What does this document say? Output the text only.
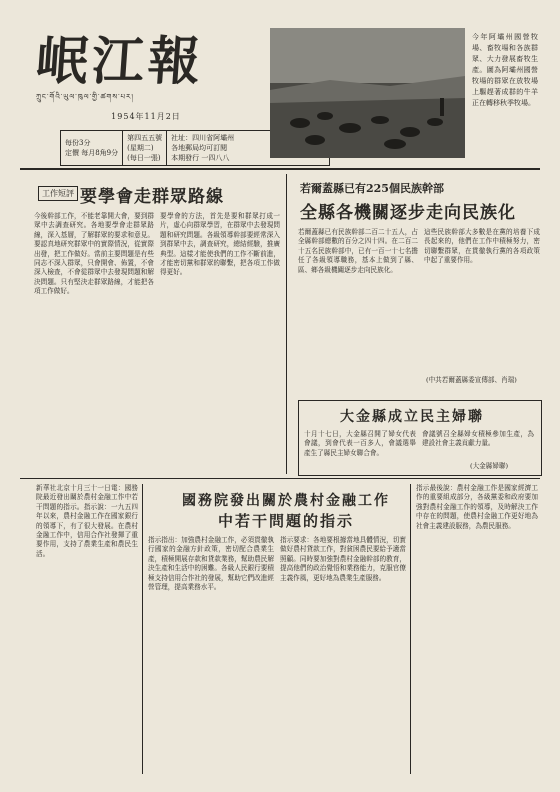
岷江報
ཀྲུང་གོའི་ཡུལ་ཁུལ་གྱི་ཚགས་པར།
1954年11月2日
每份3分
定價 每月8角9分
第四五五號
(星期二)
(每日一張)
社址：四川省阿壩州
各地郵局均可訂閱
本期發行 一四八八
今年阿壩州國營牧場、畜牧場和各族群眾、大力發展畜牧生產。圖為阿壩州國營牧場的群眾在放牧場上驅趕著成群的牛羊正在轉移秋季牧場。
工作短評 要學會走群眾路線
今後幹部工作，不能老靠開大會，要到群眾中去調查研究。各地要學會走群眾路線，深入基層，了解群眾的要求和意見。要認真地研究群眾中的實際情況，從實際出發，把工作做好。當前主要問題是有些同志不深入群眾，只會開會、佈置，不會深入檢查，不會從群眾中去發現問題和解決問題。只有堅決走群眾路線，才能把各項工作做好。
要學會的方法，首先是要和群眾打成一片，虛心向群眾學習，在群眾中去發現問題和研究問題。各級領導幹部要經常深入到群眾中去，調查研究，總結經驗，推廣典型。這樣才能使我們的工作不斷前進，才能密切黨和群眾的聯繫，把各項工作做得更好。
若爾蓋縣已有225個民族幹部
全縣各機關逐步走向民族化
若爾蓋縣已有民族幹部二百二十五人，占全縣幹部總數的百分之四十四。在二百二十五名民族幹部中，已有一百一十七名擔任了各級領導職務，基本上做到了縣、區、鄉各級機關逐步走向民族化。
這些民族幹部大多數是在黨的培養下成長起來的，他們在工作中積極努力，密切聯繫群眾，在貫徹執行黨的各項政策中起了重要作用。
(中共若爾蓋縣委宣傳部、肖瑞)
大金縣成立民主婦聯
十月十七日，大金縣召開了婦女代表會議，到會代表一百多人，會議選舉產生了縣民主婦女聯合會。
會議號召全縣婦女積極參加生產，為建設社會主義貢獻力量。
(大金縣婦聯)
新華社北京十月三十一日電：國務院最近發出關於農村金融工作中若干問題的指示。指示說：一九五四年以來，農村金融工作在國家銀行的領導下，有了很大發展。在農村金融工作中，信用合作社發揮了重要作用，支持了農業生產和農民生活。
國務院發出關於農村金融工作
中若干問題的指示
指示指出：加強農村金融工作，必須貫徹執行國家的金融方針政策，密切配合農業生產，積極開展存款和貸款業務，幫助農民解決生產和生活中的困難。各級人民銀行要積極支持信用合作社的發展，幫助它們改進經營管理，提高業務水平。
指示要求：各地要根據當地具體情況，切實做好農村貸款工作，對貧困農民要給予適當照顧。同時要加強對農村金融幹部的教育，提高他們的政治覺悟和業務能力，克服官僚主義作風，更好地為農業生產服務。
指示最後說：農村金融工作是國家經濟工作的重要組成部分，各級黨委和政府要加強對農村金融工作的領導，及時解決工作中存在的問題，使農村金融工作更好地為社會主義建設服務，為農民服務。
